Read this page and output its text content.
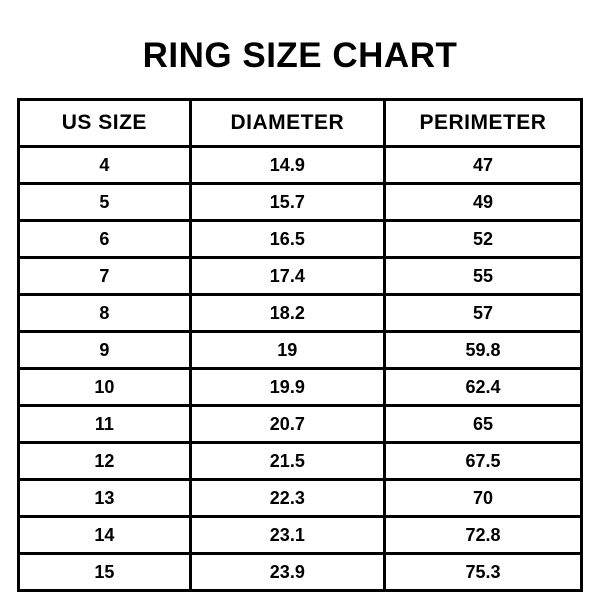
RING SIZE CHART
US SIZE	DIAMETER	PERIMETER
4	14.9	47
5	15.7	49
6	16.5	52
7	17.4	55
8	18.2	57
9	19	59.8
10	19.9	62.4
11	20.7	65
12	21.5	67.5
13	22.3	70
14	23.1	72.8
15	23.9	75.3
